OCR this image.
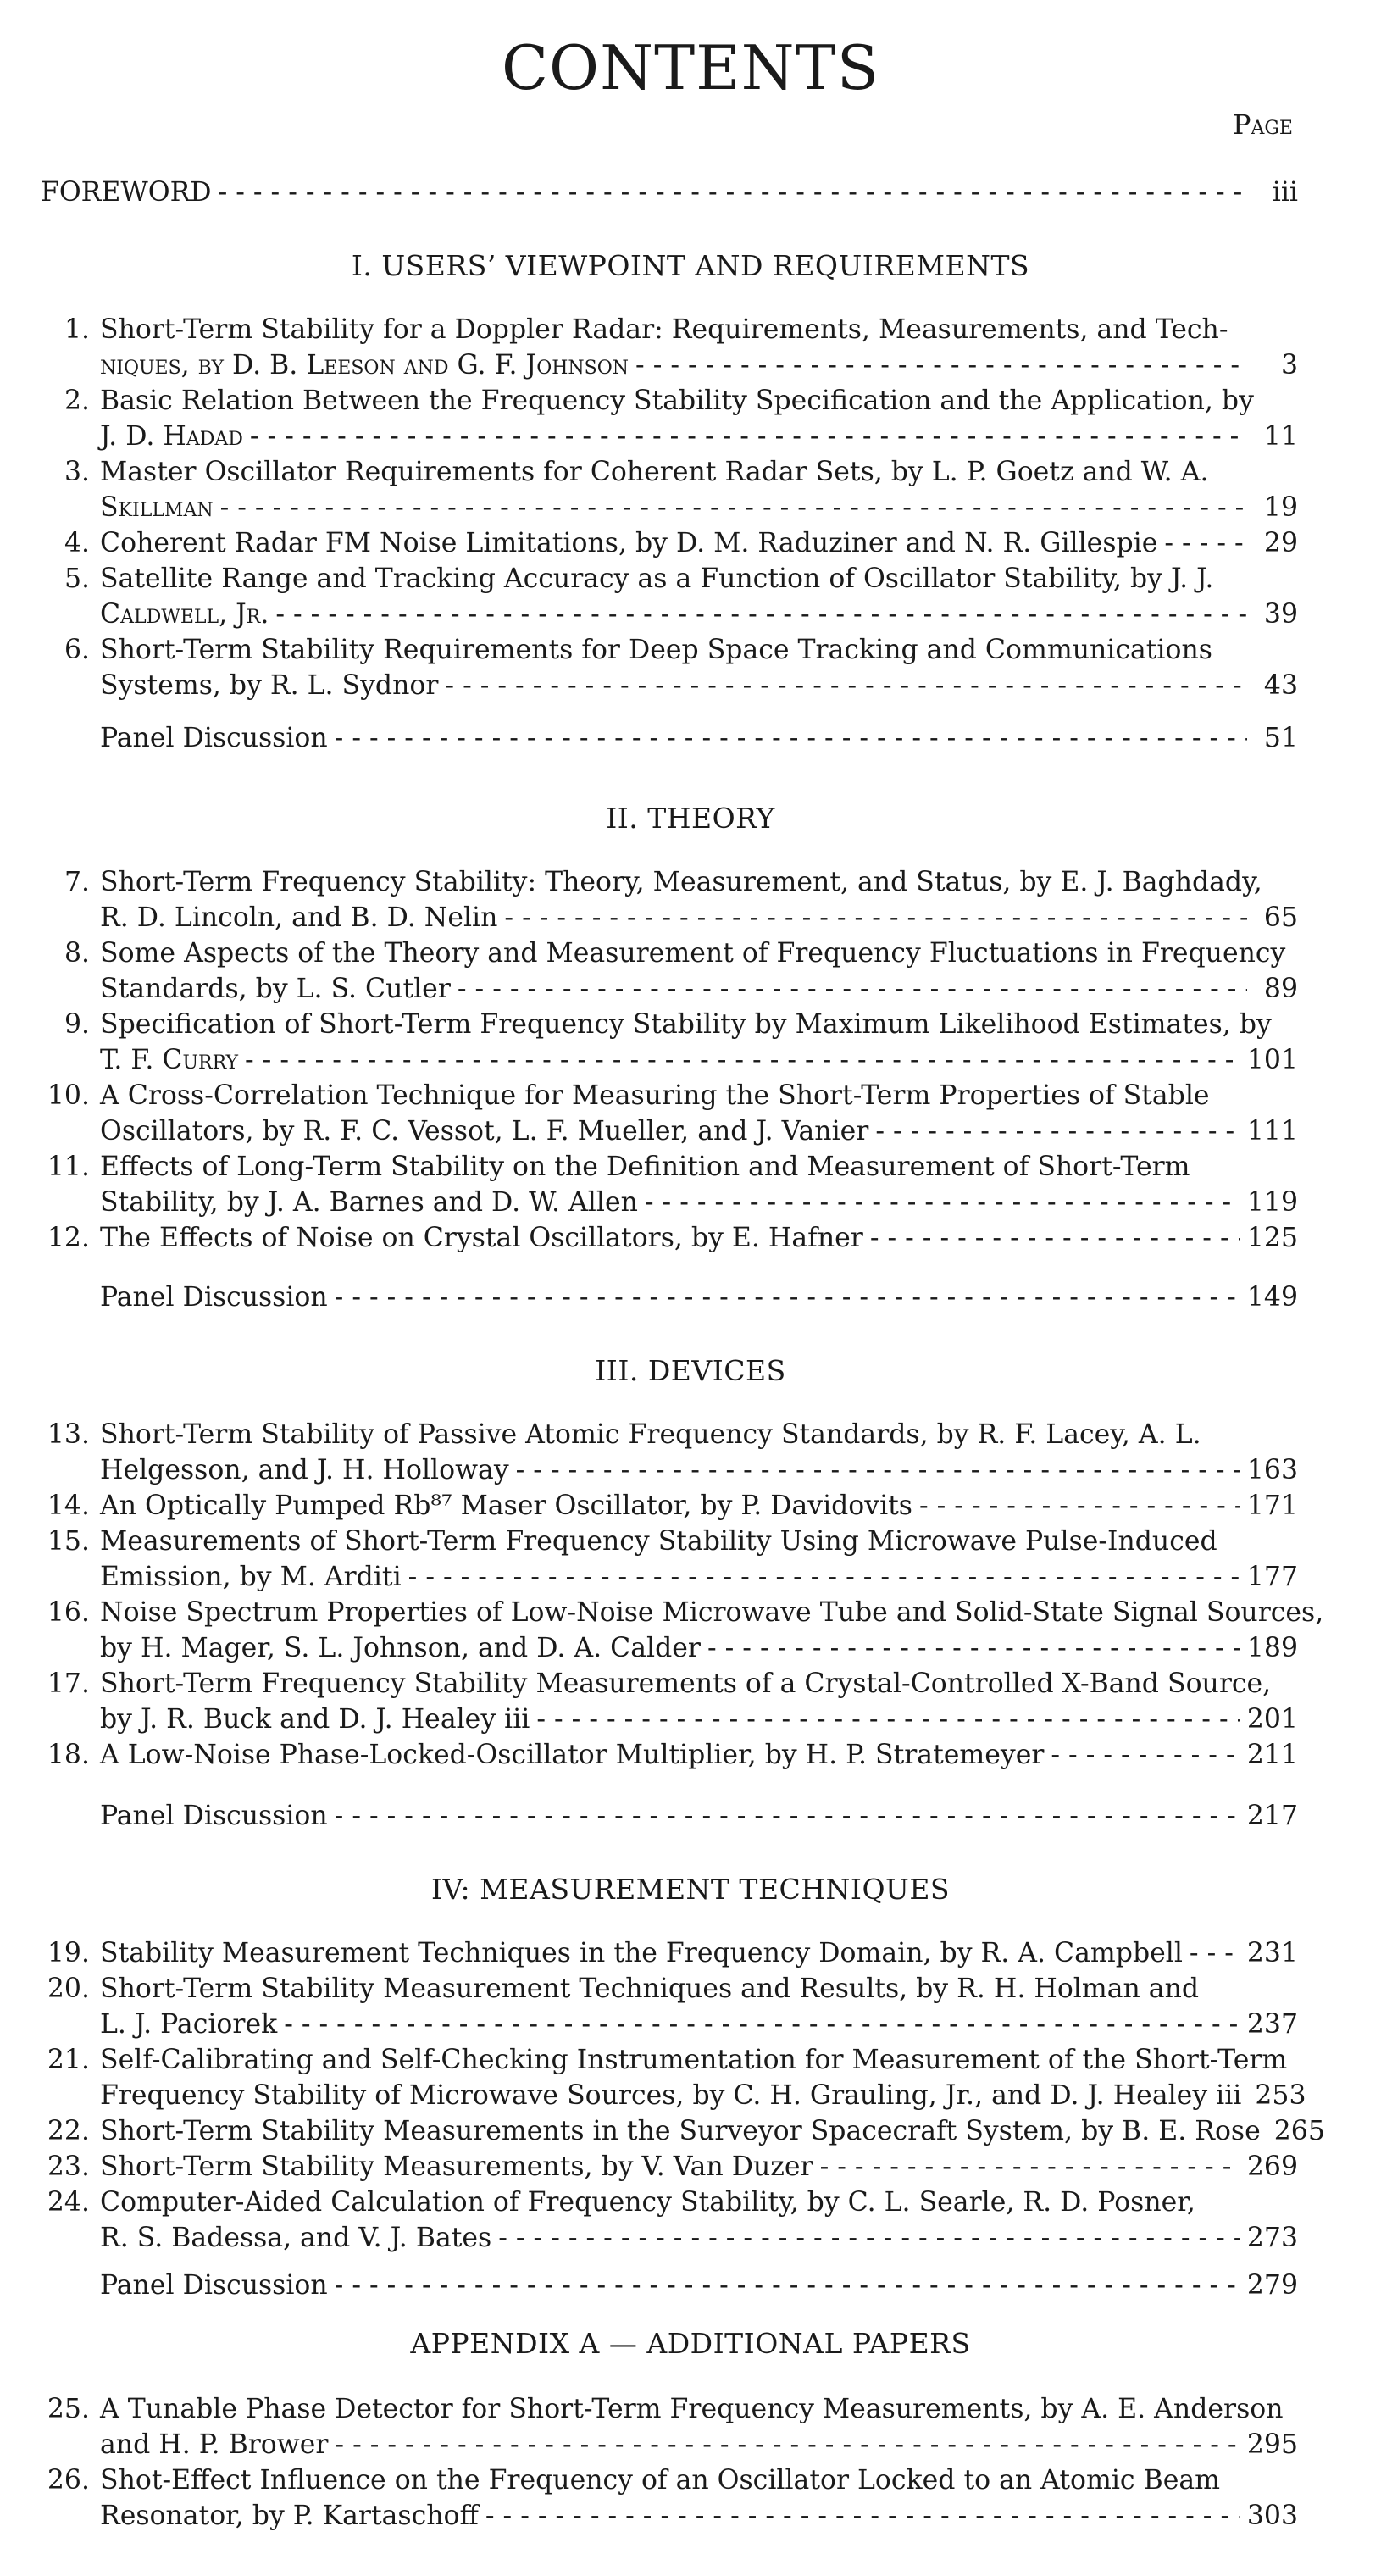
CONTENTS
Page
FOREWORD - - -	iii
I. USERS’ VIEWPOINT AND REQUIREMENTS
1. Short-Term Stability for a Doppler Radar: Requirements, Measurements, and Tech-
niques, by D. B. Leeson and G. F. Johnson - - -	3
2. Basic Relation Between the Frequency Stability Specification and the Application, by
J. D. Hadad - - -	11
3. Master Oscillator Requirements for Coherent Radar Sets, by L. P. Goetz and W. A.
Skillman - - -	19
4. Coherent Radar FM Noise Limitations, by D. M. Raduziner and N. R. Gillespie - - -	29
5. Satellite Range and Tracking Accuracy as a Function of Oscillator Stability, by J. J.
Caldwell, Jr. - - -	39
6. Short-Term Stability Requirements for Deep Space Tracking and Communications
Systems, by R. L. Sydnor - - -	43
Panel Discussion - - -	51
II. THEORY
7. Short-Term Frequency Stability: Theory, Measurement, and Status, by E. J. Baghdady,
R. D. Lincoln, and B. D. Nelin - - -	65
8. Some Aspects of the Theory and Measurement of Frequency Fluctuations in Frequency
Standards, by L. S. Cutler - - -	89
9. Specification of Short-Term Frequency Stability by Maximum Likelihood Estimates, by
T. F. Curry - - -	101
10. A Cross-Correlation Technique for Measuring the Short-Term Properties of Stable
Oscillators, by R. F. C. Vessot, L. F. Mueller, and J. Vanier - - -	111
11. Effects of Long-Term Stability on the Definition and Measurement of Short-Term
Stability, by J. A. Barnes and D. W. Allen - - -	119
12. The Effects of Noise on Crystal Oscillators, by E. Hafner - - -	125
Panel Discussion - - -	149
III. DEVICES
13. Short-Term Stability of Passive Atomic Frequency Standards, by R. F. Lacey, A. L.
Helgesson, and J. H. Holloway - - -	163
14. An Optically Pumped Rb⁸⁷ Maser Oscillator, by P. Davidovits - - -	171
15. Measurements of Short-Term Frequency Stability Using Microwave Pulse-Induced
Emission, by M. Arditi - - -	177
16. Noise Spectrum Properties of Low-Noise Microwave Tube and Solid-State Signal Sources,
by H. Mager, S. L. Johnson, and D. A. Calder - - -	189
17. Short-Term Frequency Stability Measurements of a Crystal-Controlled X-Band Source,
by J. R. Buck and D. J. Healey iii - - -	201
18. A Low-Noise Phase-Locked-Oscillator Multiplier, by H. P. Stratemeyer - - -	211
Panel Discussion - - -	217
IV: MEASUREMENT TECHNIQUES
19. Stability Measurement Techniques in the Frequency Domain, by R. A. Campbell - - - 231
20. Short-Term Stability Measurement Techniques and Results, by R. H. Holman and
L. J. Paciorek - - -	237
21. Self-Calibrating and Self-Checking Instrumentation for Measurement of the Short-Term
Frequency Stability of Microwave Sources, by C. H. Grauling, Jr., and D. J. Healey iii 253
22. Short-Term Stability Measurements in the Surveyor Spacecraft System, by B. E. Rose 265
23. Short-Term Stability Measurements, by V. Van Duzer - - -	269
24. Computer-Aided Calculation of Frequency Stability, by C. L. Searle, R. D. Posner,
R. S. Badessa, and V. J. Bates - - -	273
Panel Discussion - - -	279
APPENDIX A — ADDITIONAL PAPERS
25. A Tunable Phase Detector for Short-Term Frequency Measurements, by A. E. Anderson
and H. P. Brower - - -	295
26. Shot-Effect Influence on the Frequency of an Oscillator Locked to an Atomic Beam
Resonator, by P. Kartaschoff - - -	303
